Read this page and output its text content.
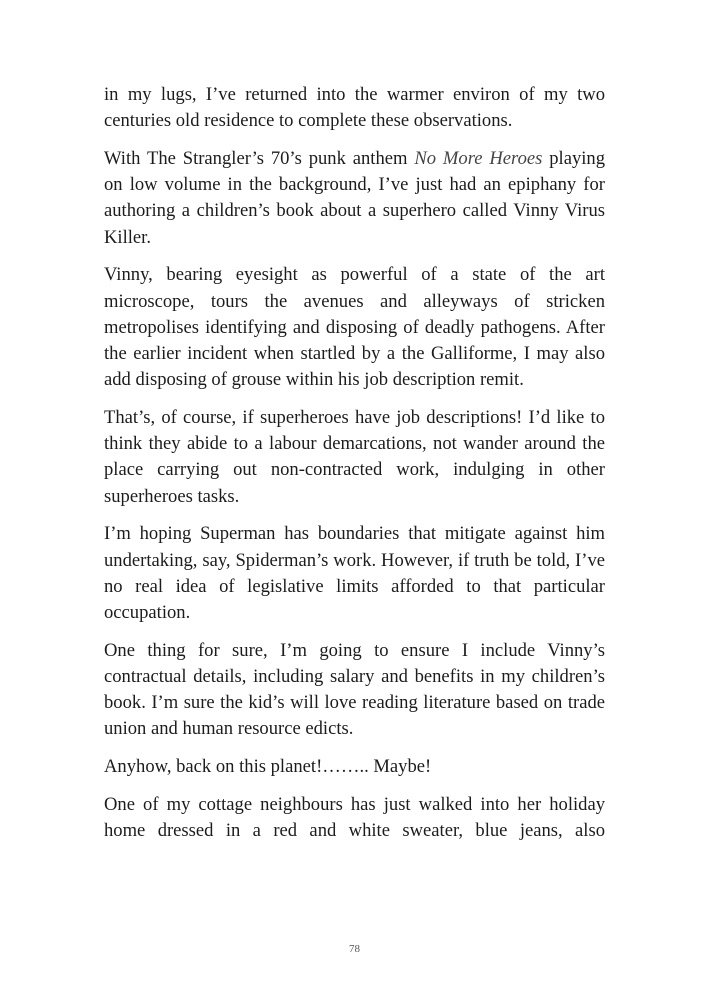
in my lugs, I’ve returned into the warmer environ of my two centuries old residence to complete these observations.

With The Strangler’s 70’s punk anthem No More Heroes playing on low volume in the background, I’ve just had an epiphany for authoring a children’s book about a superhero called Vinny Virus Killer.

Vinny, bearing eyesight as powerful of a state of the art microscope, tours the avenues and alleyways of stricken metropolises identifying and disposing of deadly pathogens. After the earlier incident when startled by a the Galliforme, I may also add disposing of grouse within his job description remit.

That’s, of course, if superheroes have job descriptions! I’d like to think they abide to a labour demarcations, not wander around the place carrying out non-contracted work, indulging in other superheroes tasks.

I’m hoping Superman has boundaries that mitigate against him undertaking, say, Spiderman’s work. However, if truth be told, I’ve no real idea of legislative limits afforded to that particular occupation.

One thing for sure, I’m going to ensure I include Vinny’s contractual details, including salary and benefits in my children’s book. I’m sure the kid’s will love reading literature based on trade union and human resource edicts.

Anyhow, back on this planet!…….. Maybe!

One of my cottage neighbours has just walked into her holiday home dressed in a red and white sweater, blue jeans, also

78
